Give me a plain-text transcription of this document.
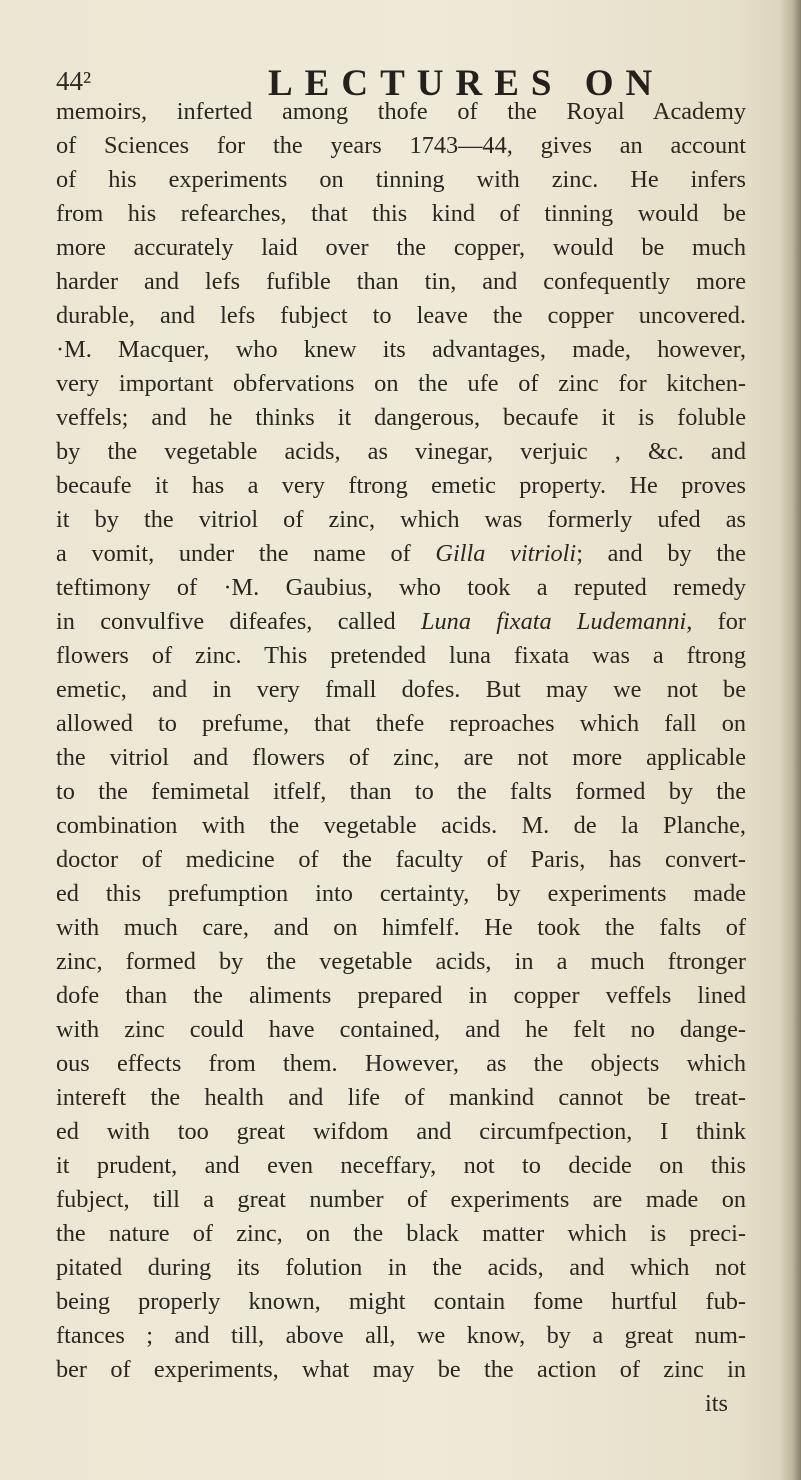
44²	LECTURES ON
memoirs, inferted among thofe of the Royal Academy
of Sciences for the years 1743—44, gives an account
of his experiments on tinning with zinc. He infers
from his refearches, that this kind of tinning would be
more accurately laid over the copper, would be much
harder and lefs fufible than tin, and confequently more
durable, and lefs fubject to leave the copper uncovered.
·M. Macquer, who knew its advantages, made, however,
very important obfervations on the ufe of zinc for kitchen-
veffels; and he thinks it dangerous, becaufe it is foluble
by the vegetable acids, as vinegar, verjuic , &c. and
becaufe it has a very ftrong emetic property. He proves
it by the vitriol of zinc, which was formerly ufed as
a vomit, under the name of Gilla vitrioli; and by the
teftimony of ·M. Gaubius, who took a reputed remedy
in convulfive difeafes, called Luna fixata Ludemanni, for
flowers of zinc. This pretended luna fixata was a ftrong
emetic, and in very fmall dofes. But may we not be
allowed to prefume, that thefe reproaches which fall on
the vitriol and flowers of zinc, are not more applicable
to the femimetal itfelf, than to the falts formed by the
combination with the vegetable acids. M. de la Planche,
doctor of medicine of the faculty of Paris, has convert-
ed this prefumption into certainty, by experiments made
with much care, and on himfelf. He took the falts of
zinc, formed by the vegetable acids, in a much ftronger
dofe than the aliments prepared in copper veffels lined
with zinc could have contained, and he felt no dange-
ous effects from them. However, as the objects which
intereft the health and life of mankind cannot be treat-
ed with too great wifdom and circumfpection, I think
it prudent, and even neceffary, not to decide on this
fubject, till a great number of experiments are made on
the nature of zinc, on the black matter which is preci-
pitated during its folution in the acids, and which not
being properly known, might contain fome hurtful fub-
ftances ; and till, above all, we know, by a great num-
ber of experiments, what may be the action of zinc in
its
